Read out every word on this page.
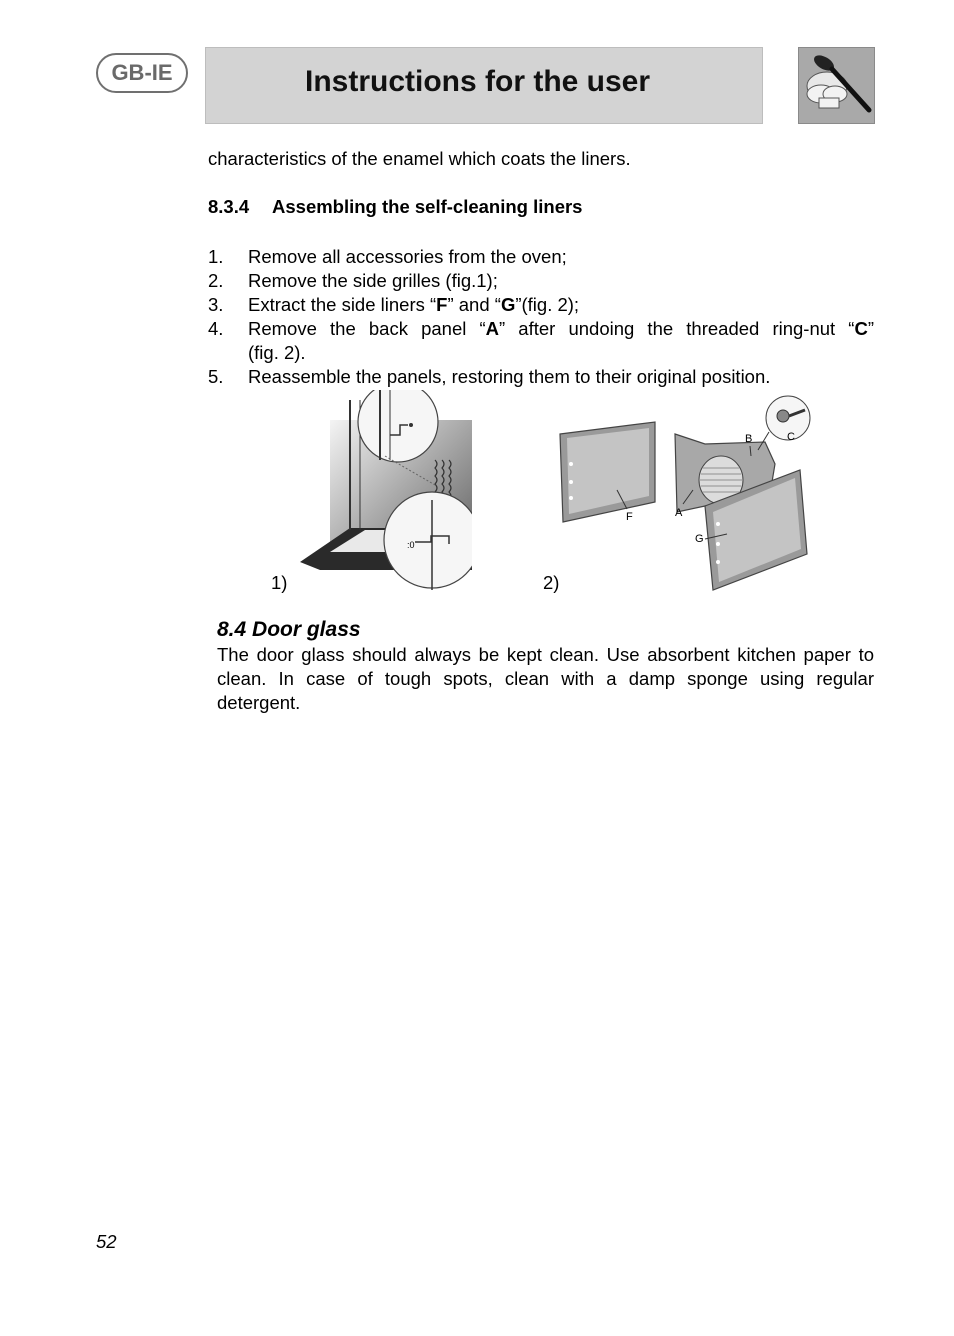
GB-IE	Instructions for the user
characteristics of the enamel which coats the liners.
8.3.4 Assembling the self-cleaning liners
1. Remove all accessories from the oven;
2. Remove the side grilles (fig.1);
3. Extract the side liners “F” and “G”(fig. 2);
4. Remove the back panel “A” after undoing the threaded ring-nut “C”
(fig. 2).
5. Reassemble the panels, restoring them to their original position.
:0
F	A
G
B	C
1)	2)
8.4 Door glass
The door glass should always be kept clean. Use absorbent kitchen paper to clean. In case of tough spots, clean with a damp sponge using regular detergent.
52
